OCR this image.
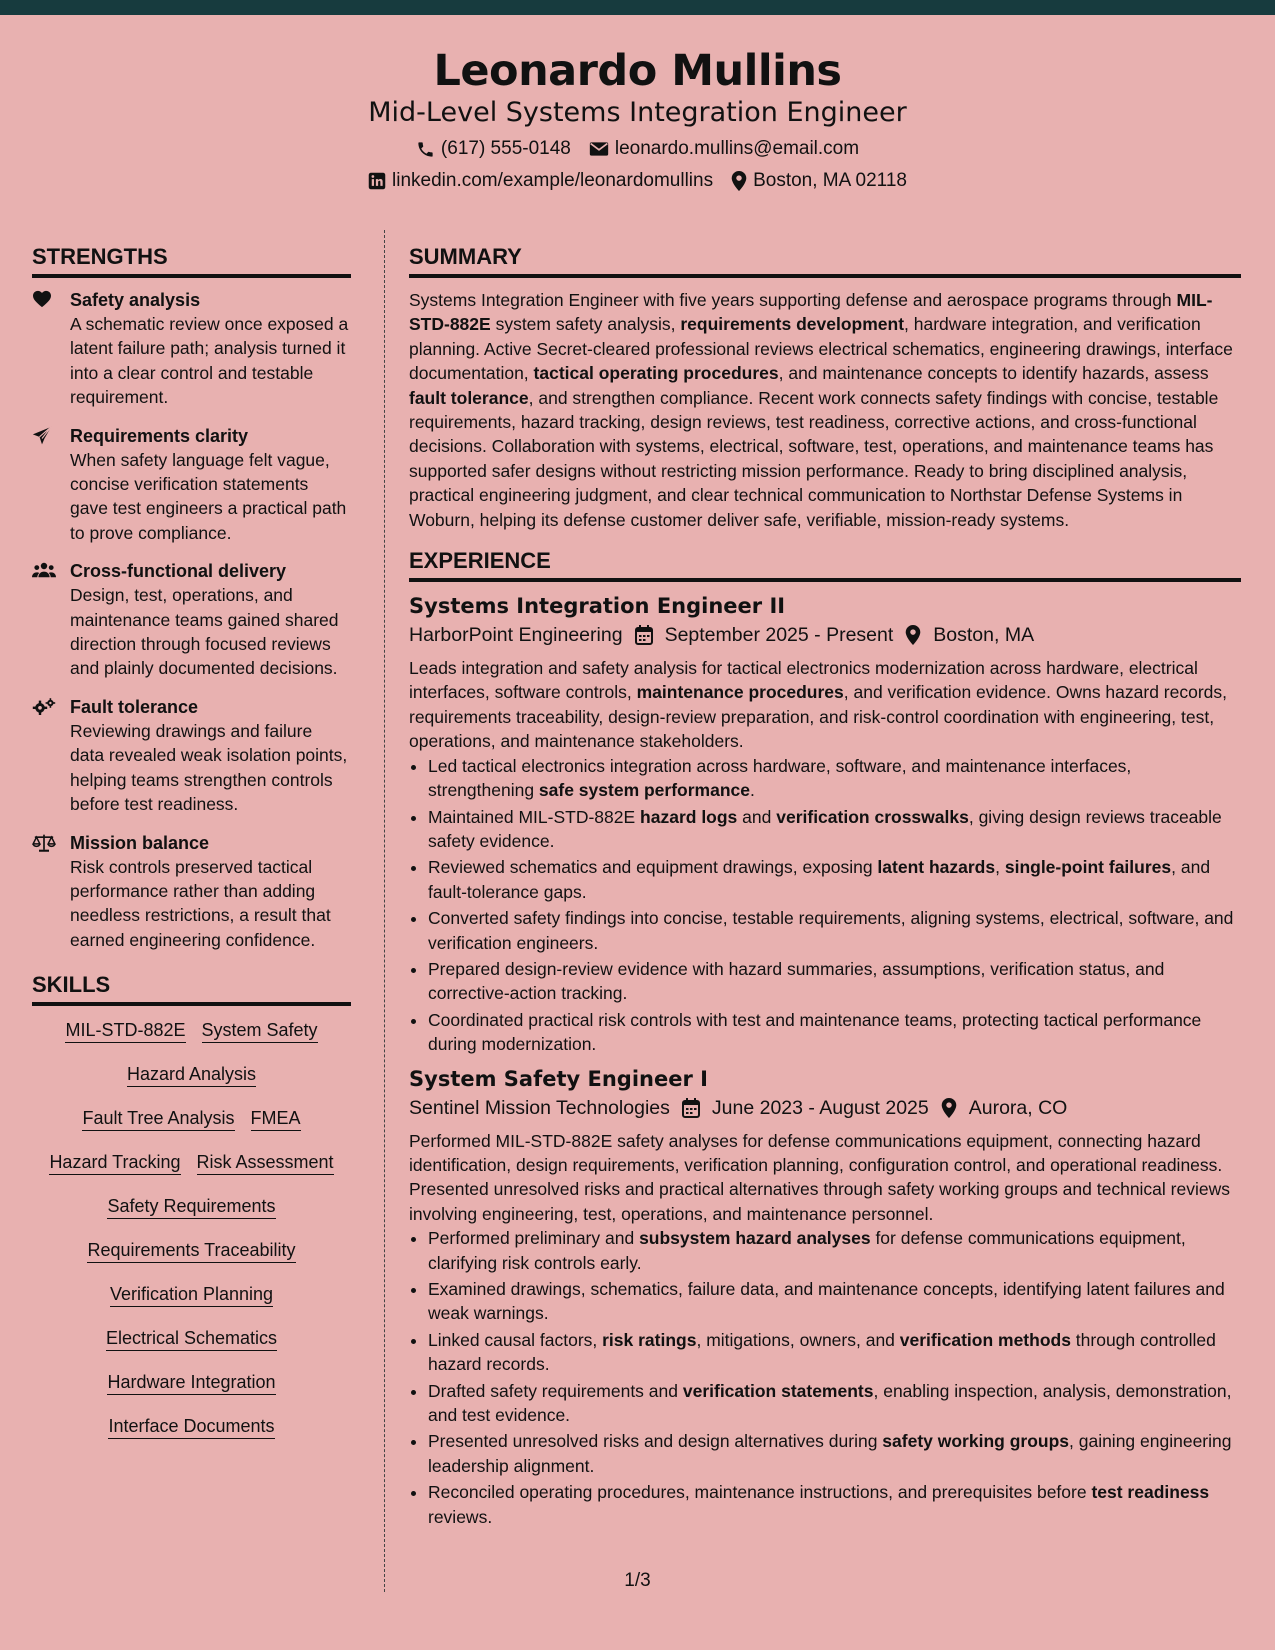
Leonardo Mullins
Mid-Level Systems Integration Engineer
(617) 555-0148 leonardo.mullins@email.com
linkedin.com/example/leonardomullins Boston, MA 02118
STRENGTHS
Safety analysis
A schematic review once exposed a latent failure path; analysis turned it into a clear control and testable requirement.
Requirements clarity
When safety language felt vague, concise verification statements gave test engineers a practical path to prove compliance.
Cross-functional delivery
Design, test, operations, and maintenance teams gained shared direction through focused reviews and plainly documented decisions.
Fault tolerance
Reviewing drawings and failure data revealed weak isolation points, helping teams strengthen controls before test readiness.
Mission balance
Risk controls preserved tactical performance rather than adding needless restrictions, a result that earned engineering confidence.
SKILLS
MIL-STD-882E System Safety
Hazard Analysis
Fault Tree Analysis FMEA
Hazard Tracking Risk Assessment
Safety Requirements
Requirements Traceability
Verification Planning
Electrical Schematics
Hardware Integration
Interface Documents
SUMMARY

Systems Integration Engineer with five years supporting defense and aerospace programs through MIL-STD-882E system safety analysis, requirements development, hardware integration, and verification planning. Active Secret-cleared professional reviews electrical schematics, engineering drawings, interface documentation, tactical operating procedures, and maintenance concepts to identify hazards, assess fault tolerance, and strengthen compliance. Recent work connects safety findings with concise, testable requirements, hazard tracking, design reviews, test readiness, corrective actions, and cross-functional decisions. Collaboration with systems, electrical, software, test, operations, and maintenance teams has supported safer designs without restricting mission performance. Ready to bring disciplined analysis, practical engineering judgment, and clear technical communication to Northstar Defense Systems in Woburn, helping its defense customer deliver safe, verifiable, mission-ready systems.

EXPERIENCE
Systems Integration Engineer II
HarborPoint Engineering September 2025 - Present Boston, MA
Leads integration and safety analysis for tactical electronics modernization across hardware, electrical interfaces, software controls, maintenance procedures, and verification evidence. Owns hazard records, requirements traceability, design-review preparation, and risk-control coordination with engineering, test, operations, and maintenance stakeholders.
• Led tactical electronics integration across hardware, software, and maintenance interfaces, strengthening safe system performance.
• Maintained MIL-STD-882E hazard logs and verification crosswalks, giving design reviews traceable safety evidence.
• Reviewed schematics and equipment drawings, exposing latent hazards, single-point failures, and fault-tolerance gaps.
• Converted safety findings into concise, testable requirements, aligning systems, electrical, software, and verification engineers.
• Prepared design-review evidence with hazard summaries, assumptions, verification status, and corrective-action tracking.
• Coordinated practical risk controls with test and maintenance teams, protecting tactical performance during modernization.
System Safety Engineer I
Sentinel Mission Technologies June 2023 - August 2025 Aurora, CO
Performed MIL-STD-882E safety analyses for defense communications equipment, connecting hazard identification, design requirements, verification planning, configuration control, and operational readiness. Presented unresolved risks and practical alternatives through safety working groups and technical reviews involving engineering, test, operations, and maintenance personnel.
• Performed preliminary and subsystem hazard analyses for defense communications equipment, clarifying risk controls early.
• Examined drawings, schematics, failure data, and maintenance concepts, identifying latent failures and weak warnings.
• Linked causal factors, risk ratings, mitigations, owners, and verification methods through controlled hazard records.
• Drafted safety requirements and verification statements, enabling inspection, analysis, demonstration, and test evidence.
• Presented unresolved risks and design alternatives during safety working groups, gaining engineering leadership alignment.
• Reconciled operating procedures, maintenance instructions, and prerequisites before test readiness reviews.
1/3
